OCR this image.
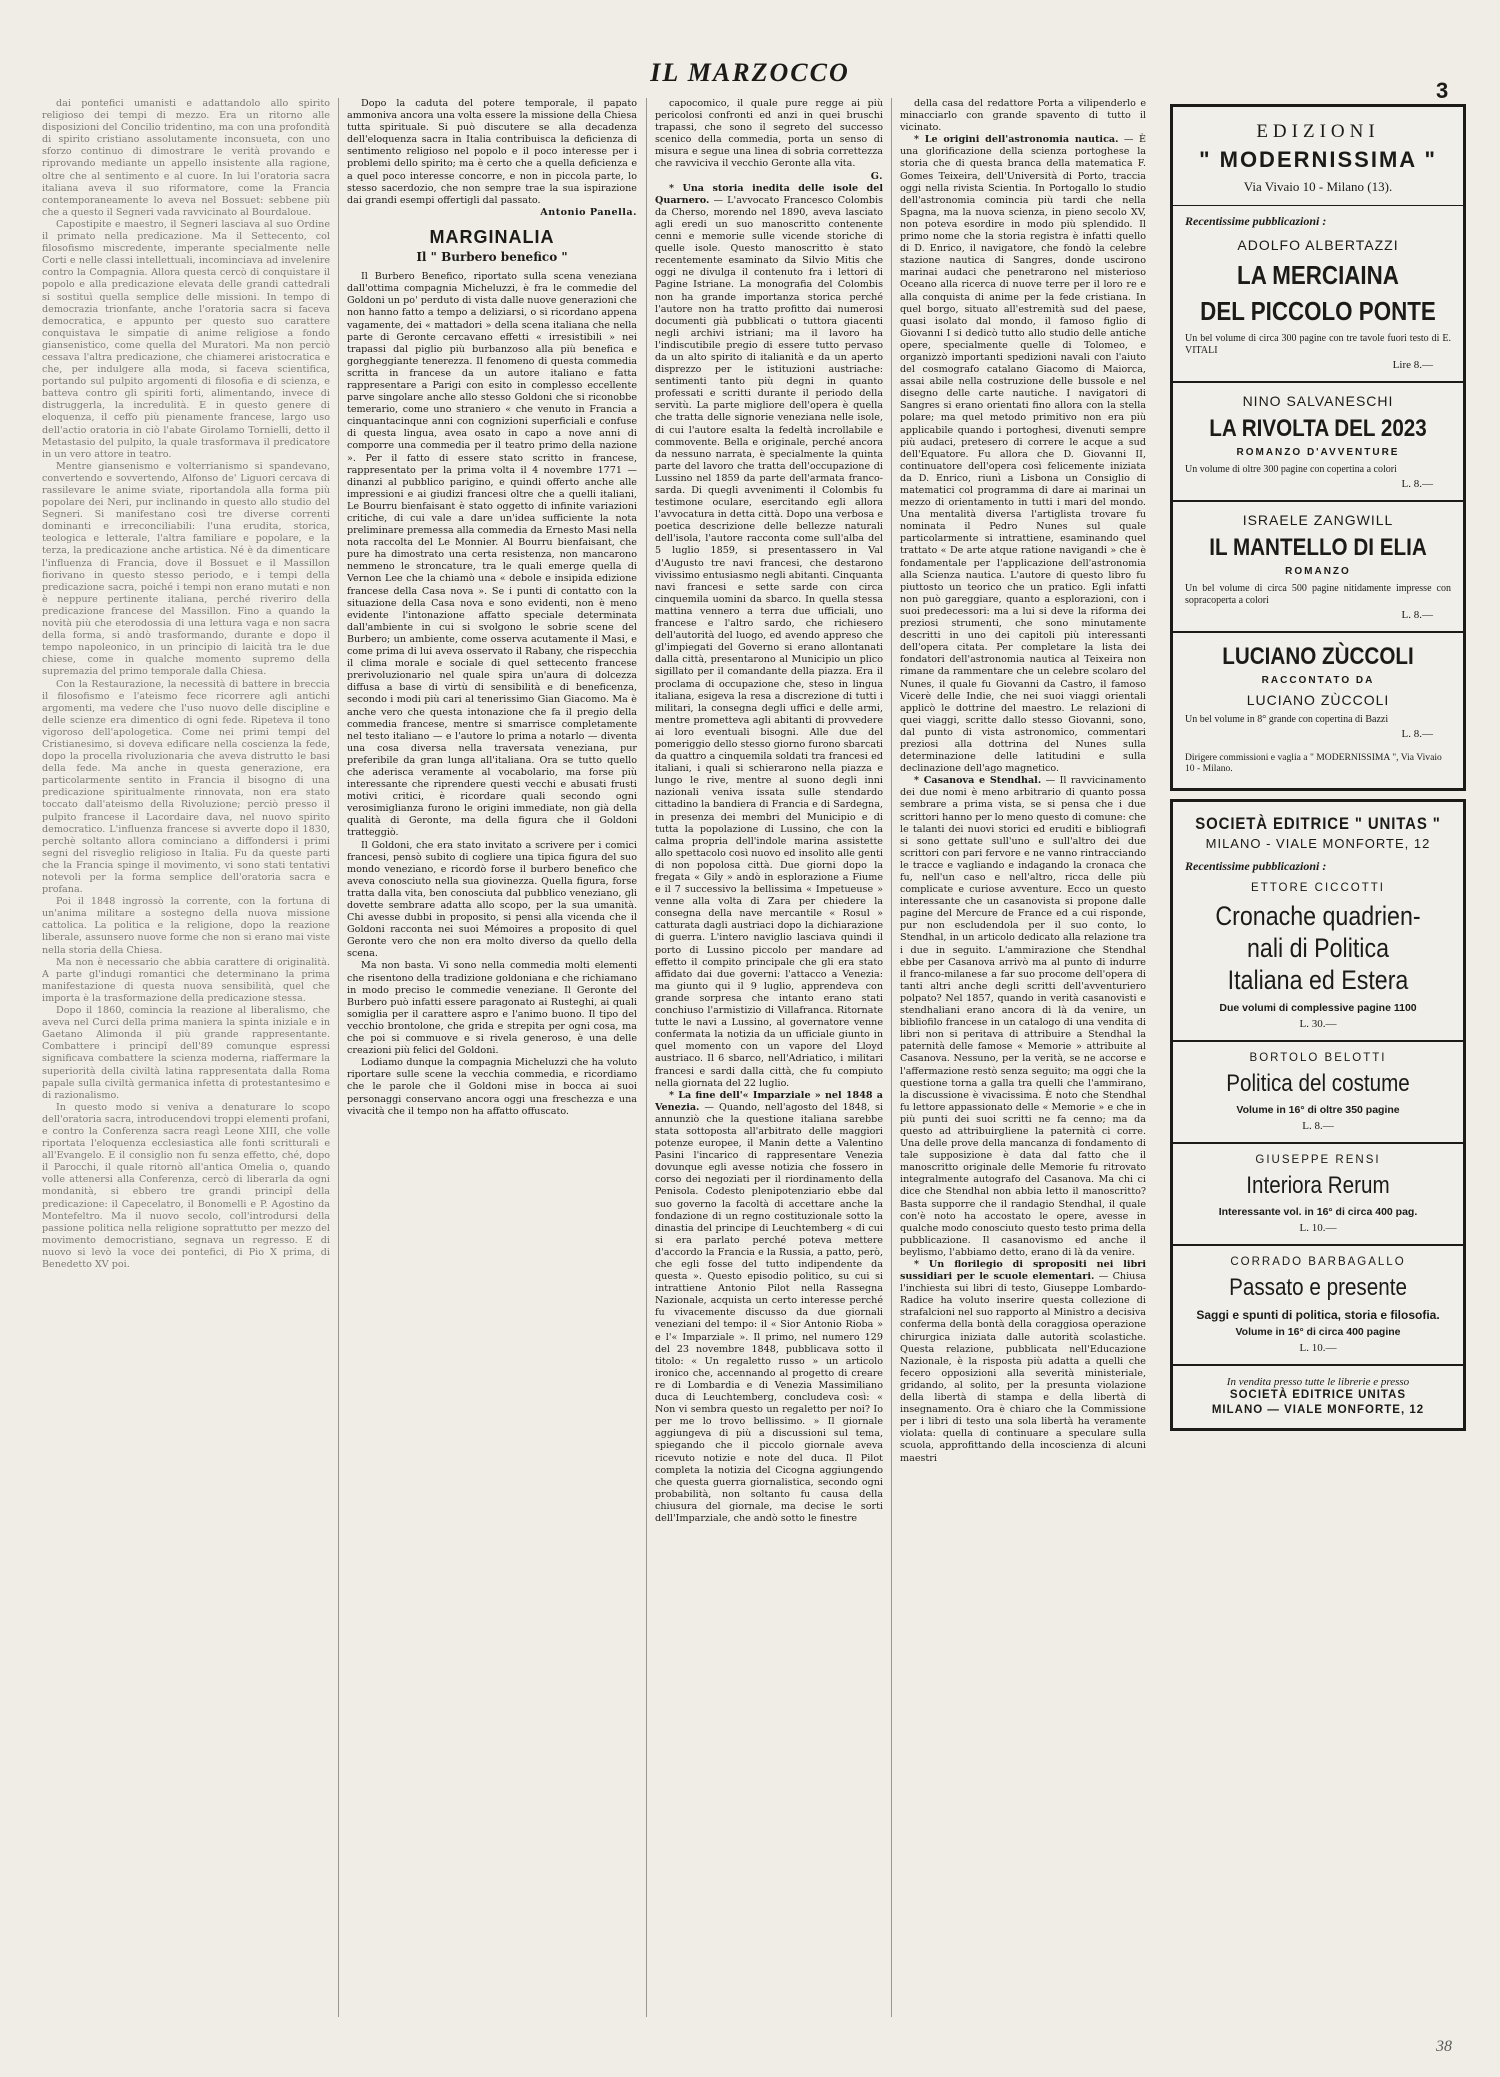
IL MARZOCCO
3
38

dai pontefici umanisti e adattandolo allo spirito religioso dei tempi di mezzo. Era un ritorno alle disposizioni del Concilio tridentino, ma con una profondità di spirito cristiano assolutamente inconsueta, con uno sforzo continuo di dimostrare le verità provando e riprovando mediante un appello insistente alla ragione, oltre che al sentimento e al cuore. In lui l'oratoria sacra italiana aveva il suo riformatore, come la Francia contemporaneamente lo aveva nel Bossuet: sebbene più che a questo il Segneri vada ravvicinato al Bourdaloue.

Capostipite e maestro, il Segneri lasciava al suo Ordine il primato nella predicazione. Ma il Settecento, col filosofismo miscredente, imperante specialmente nelle Corti e nelle classi intellettuali, incominciava ad invelenire contro la Compagnia. Allora questa cercò di conquistare il popolo e alla predicazione elevata delle grandi cattedrali si sostituì quella semplice delle missioni. In tempo di democrazia trionfante, anche l'oratoria sacra si faceva democratica, e appunto per questo suo carattere conquistava le simpatie di anime religiose a fondo giansenistico, come quella del Muratori. Ma non perciò cessava l'altra predicazione, che chiamerei aristocratica e che, per indulgere alla moda, si faceva scientifica, portando sul pulpito argomenti di filosofia e di scienza, e batteva contro gli spiriti forti, alimentando, invece di distruggerla, la incredulità. E in questo genere di eloquenza, il ceffo più pienamente francese, largo uso dell'actio oratoria in ciò l'abate Girolamo Tornielli, detto il Metastasio del pulpito, la quale trasformava il predicatore in un vero attore in teatro.

Mentre giansenismo e volterrianismo si spandevano, convertendo e sovvertendo, Alfonso de' Liguori cercava di rassilevare le anime sviate, riportandola alla forma più popolare dei Neri, pur inclinando in questo allo studio del Segneri. Si manifestano così tre diverse correnti dominanti e irreconciliabili: l'una erudita, storica, teologica e letterale, l'altra familiare e popolare, e la terza, la predicazione anche artistica. Né è da dimenticare l'influenza di Francia, dove il Bossuet e il Massillon fiorivano in questo stesso periodo, e i tempi della predicazione sacra, poiché i tempi non erano mutati e non è neppure pertinente italiana, perché riveriro della predicazione francese del Massillon. Fino a quando la novità più che eterodossia di una lettura vaga e non sacra della forma, si andò trasformando, durante e dopo il tempo napoleonico, in un principio di laicità tra le due chiese, come in qualche momento supremo della supremazia del primo temporale dalla Chiesa.

Con la Restaurazione, la necessità di battere in breccia il filosofismo e l'ateismo fece ricorrere agli antichi argomenti, ma vedere che l'uso nuovo delle discipline e delle scienze era dimentico di ogni fede. Ripeteva il tono vigoroso dell'apologetica. Come nei primi tempi del Cristianesimo, si doveva edificare nella coscienza la fede, dopo la procella rivoluzionaria che aveva distrutto le basi della fede. Ma anche in questa generazione, era particolarmente sentito in Francia il bisogno di una predicazione spiritualmente rinnovata, non era stato toccato dall'ateismo della Rivoluzione; perciò presso il pulpito francese il Lacordaire dava, nel nuovo spirito democratico. L'influenza francese si avverte dopo il 1830, perchè soltanto allora cominciano a diffondersi i primi segni del risveglio religioso in Italia. Fu da queste parti che la Francia spinge il movimento, vi sono stati tentativi notevoli per la forma semplice dell'oratoria sacra e profana.

Poi il 1848 ingrossò la corrente, con la fortuna di un'anima militare a sostegno della nuova missione cattolica. La politica e la religione, dopo la reazione liberale, assunsero nuove forme che non si erano mai viste nella storia della Chiesa.

Ma non è necessario che abbia carattere di originalità. A parte gl'indugi romantici che determinano la prima manifestazione di questa nuova sensibilità, quel che importa è la trasformazione della predicazione stessa.

Dopo il 1860, comincia la reazione al liberalismo, che aveva nel Curci della prima maniera la spinta iniziale e in Gaetano Alimonda il più grande rappresentante. Combattere i principî dell'89 comunque espressi significava combattere la scienza moderna, riaffermare la superiorità della civiltà latina rappresentata dalla Roma papale sulla civiltà germanica infetta di protestantesimo e di razionalismo.

In questo modo si veniva a denaturare lo scopo dell'oratoria sacra, introducendovi troppi elementi profani, e contro la Conferenza sacra reagì Leone XIII, che volle riportata l'eloquenza ecclesiastica alle fonti scritturali e all'Evangelo. E il consiglio non fu senza effetto, ché, dopo il Parocchi, il quale ritornò all'antica Omelia o, quando volle attenersi alla Conferenza, cercò di liberarla da ogni mondanità, si ebbero tre grandi principî della predicazione: il Capecelatro, il Bonomelli e P. Agostino da Montefeltro. Ma il nuovo secolo, coll'introdursi della passione politica nella religione soprattutto per mezzo del movimento democristiano, segnava un regresso. E di nuovo si levò la voce dei pontefici, di Pio X prima, di Benedetto XV poi.

Dopo la caduta del potere temporale, il papato ammoniva ancora una volta essere la missione della Chiesa tutta spirituale. Si può discutere se alla decadenza dell'eloquenza sacra in Italia contribuisca la deficienza di sentimento religioso nel popolo e il poco interesse per i problemi dello spirito; ma è certo che a quella deficienza e a quel poco interesse concorre, e non in piccola parte, lo stesso sacerdozio, che non sempre trae la sua ispirazione dai grandi esempi offertigli dal passato.

Antonio Panella.

MARGINALIA
Il " Burbero benefico "

Il Burbero Benefico, riportato sulla scena veneziana dall'ottima compagnia Micheluzzi, è fra le commedie del Goldoni un po' perduto di vista dalle nuove generazioni che non hanno fatto a tempo a deliziarsi, o si ricordano appena vagamente, dei « mattadori » della scena italiana che nella parte di Geronte cercavano effetti « irresistibili » nei trapassi dal piglio più burbanzoso alla più benefica e gorgheggiante tenerezza. Il fenomeno di questa commedia scritta in francese da un autore italiano e fatta rappresentare a Parigi con esito in complesso eccellente parve singolare anche allo stesso Goldoni che si riconobbe temerario, come uno straniero « che venuto in Francia a cinquantacinque anni con cognizioni superficiali e confuse di questa lingua, avea osato in capo a nove anni di comporre una commedia per il teatro primo della nazione ». Per il fatto di essere stato scritto in francese, rappresentato per la prima volta il 4 novembre 1771 — dinanzi al pubblico parigino, e quindi offerto anche alle impressioni e ai giudizi francesi oltre che a quelli italiani, Le Bourru bienfaisant è stato oggetto di infinite variazioni critiche, di cui vale a dare un'idea sufficiente la nota preliminare premessa alla commedia da Ernesto Masi nella nota raccolta del Le Monnier. Al Bourru bienfaisant, che pure ha dimostrato una certa resistenza, non mancarono nemmeno le stroncature, tra le quali emerge quella di Vernon Lee che la chiamò una « debole e insipida edizione francese della Casa nova ». Se i punti di contatto con la situazione della Casa nova e sono evidenti, non è meno evidente l'intonazione affatto speciale determinata dall'ambiente in cui si svolgono le sobrie scene del Burbero; un ambiente, come osserva acutamente il Masi, e come prima di lui aveva osservato il Rabany, che rispecchia il clima morale e sociale di quel settecento francese prerivoluzionario nel quale spira un'aura di dolcezza diffusa a base di virtù di sensibilità e di beneficenza, secondo i modi più cari al tenerissimo Gian Giacomo. Ma è anche vero che questa intonazione che fa il pregio della commedia francese, mentre si smarrisce completamente nel testo italiano — e l'autore lo prima a notarlo — diventa una cosa diversa nella traversata veneziana, pur preferibile da gran lunga all'italiana. Ora se tutto quello che aderisca veramente al vocabolario, ma forse più interessante che riprendere questi vecchi e abusati frusti motivi critici, è ricordare quali secondo ogni verosimiglianza furono le origini immediate, non già della qualità di Geronte, ma della figura che il Goldoni tratteggiò.

Il Goldoni, che era stato invitato a scrivere per i comici francesi, pensò subito di cogliere una tipica figura del suo mondo veneziano, e ricordò forse il burbero benefico che aveva conosciuto nella sua giovinezza. Quella figura, forse tratta dalla vita, ben conosciuta dal pubblico veneziano, gli dovette sembrare adatta allo scopo, per la sua umanità. Chi avesse dubbi in proposito, si pensi alla vicenda che il Goldoni racconta nei suoi Mémoires a proposito di quel Geronte vero che non era molto diverso da quello della scena.

Ma non basta. Vi sono nella commedia molti elementi che risentono della tradizione goldoniana e che richiamano in modo preciso le commedie veneziane. Il Geronte del Burbero può infatti essere paragonato ai Rusteghi, ai quali somiglia per il carattere aspro e l'animo buono. Il tipo del vecchio brontolone, che grida e strepita per ogni cosa, ma che poi si commuove e si rivela generoso, è una delle creazioni più felici del Goldoni.

Lodiamo dunque la compagnia Micheluzzi che ha voluto riportare sulle scene la vecchia commedia, e ricordiamo che le parole che il Goldoni mise in bocca ai suoi personaggi conservano ancora oggi una freschezza e una vivacità che il tempo non ha affatto offuscato.

capocomico, il quale pure regge ai più pericolosi confronti ed anzi in quei bruschi trapassi, che sono il segreto del successo scenico della commedia, porta un senso di misura e segue una linea di sobria correttezza che ravviciva il vecchio Geronte alla vita.

G.

* Una storia inedita delle isole del Quarnero. — L'avvocato Francesco Colombis da Cherso, morendo nel 1890, aveva lasciato agli eredi un suo manoscritto contenente cenni e memorie sulle vicende storiche di quelle isole. Questo manoscritto è stato recentemente esaminato da Silvio Mitis che oggi ne divulga il contenuto fra i lettori di Pagine Istriane. La monografia del Colombis non ha grande importanza storica perché l'autore non ha tratto profitto dai numerosi documenti già pubblicati o tuttora giacenti negli archivi istriani; ma il lavoro ha l'indiscutibile pregio di essere tutto pervaso da un alto spirito di italianità e da un aperto disprezzo per le istituzioni austriache: sentimenti tanto più degni in quanto professati e scritti durante il periodo della servitù. La parte migliore dell'opera è quella che tratta delle signorie veneziana nelle isole, di cui l'autore esalta la fedeltà incrollabile e commovente. Bella e originale, perché ancora da nessuno narrata, è specialmente la quinta parte del lavoro che tratta dell'occupazione di Lussino nel 1859 da parte dell'armata franco-sarda. Di quegli avvenimenti il Colombis fu testimone oculare, esercitando egli allora l'avvocatura in detta città. Dopo una verbosa e poetica descrizione delle bellezze naturali dell'isola, l'autore racconta come sull'alba del 5 luglio 1859, si presentassero in Val d'Augusto tre navi francesi, che destarono vivissimo entusiasmo negli abitanti. Cinquanta navi francesi e sette sarde con circa cinquemila uomini da sbarco. In quella stessa mattina vennero a terra due ufficiali, uno francese e l'altro sardo, che richiesero dell'autorità del luogo, ed avendo appreso che gl'impiegati del Governo si erano allontanati dalla città, presentarono al Municipio un plico sigillato per il comandante della piazza. Era il proclama di occupazione che, steso in lingua italiana, esigeva la resa a discrezione di tutti i militari, la consegna degli uffici e delle armi, mentre prometteva agli abitanti di provvedere ai loro eventuali bisogni. Alle due del pomeriggio dello stesso giorno furono sbarcati da quattro a cinquemila soldati tra francesi ed italiani, i quali si schierarono nella piazza e lungo le rive, mentre al suono degli inni nazionali veniva issata sulle stendardo cittadino la bandiera di Francia e di Sardegna, in presenza dei membri del Municipio e di tutta la popolazione di Lussino, che con la calma propria dell'indole marina assistette allo spettacolo così nuovo ed insolito alle genti di non popolosa città. Due giorni dopo la fregata « Gily » andò in esplorazione a Fiume e il 7 successivo la bellissima « Impetueuse » venne alla volta di Zara per chiedere la consegna della nave mercantile « Rosul » catturata dagli austriaci dopo la dichiarazione di guerra. L'intero naviglio lasciava quindi il porto di Lussino piccolo per mandare ad effetto il compito principale che gli era stato affidato dai due governi: l'attacco a Venezia: ma giunto qui il 9 luglio, apprendeva con grande sorpresa che intanto erano stati conchiuso l'armistizio di Villafranca. Ritornate tutte le navi a Lussino, al governatore venne confermata la notizia da un ufficiale giunto in quel momento con un vapore del Lloyd austriaco. Il 6 sbarco, nell'Adriatico, i militari francesi e sardi dalla città, che fu compiuto nella giornata del 22 luglio.

* La fine dell'« Imparziale » nel 1848 a Venezia. — Quando, nell'agosto del 1848, si annunziò che la questione italiana sarebbe stata sottoposta all'arbitrato delle maggiori potenze europee, il Manin dette a Valentino Pasini l'incarico di rappresentare Venezia dovunque egli avesse notizia che fossero in corso dei negoziati per il riordinamento della Penisola. Codesto plenipotenziario ebbe dal suo governo la facoltà di accettare anche la fondazione di un regno costituzionale sotto la dinastia del principe di Leuchtemberg « di cui si era parlato perché poteva mettere d'accordo la Francia e la Russia, a patto, però, che egli fosse del tutto indipendente da questa ». Questo episodio politico, su cui si intrattiene Antonio Pilot nella Rassegna Nazionale, acquista un certo interesse perché fu vivacemente discusso da due giornali veneziani del tempo: il « Sior Antonio Rioba » e l'« Imparziale ». Il primo, nel numero 129 del 23 novembre 1848, pubblicava sotto il titolo: « Un regaletto russo » un articolo ironico che, accennando al progetto di creare re di Lombardia e di Venezia Massimiliano duca di Leuchtemberg, concludeva così: « Non vi sembra questo un regaletto per noi? Io per me lo trovo bellissimo. » Il giornale aggiungeva di più a discussioni sul tema, spiegando che il piccolo giornale aveva ricevuto notizie e note del duca. Il Pilot completa la notizia del Cicogna aggiungendo che questa guerra giornalistica, secondo ogni probabilità, non soltanto fu causa della chiusura del giornale, ma decise le sorti dell'Imparziale, che andò sotto le finestre

della casa del redattore Porta a vilipenderlo e minacciarlo con grande spavento di tutto il vicinato.

* Le origini dell'astronomia nautica. — È una glorificazione della scienza portoghese la storia che di questa branca della matematica F. Gomes Teixeira, dell'Università di Porto, traccia oggi nella rivista Scientia. In Portogallo lo studio dell'astronomia comincia più tardi che nella Spagna, ma la nuova scienza, in pieno secolo XV, non poteva esordire in modo più splendido. Il primo nome che la storia registra è infatti quello di D. Enrico, il navigatore, che fondò la celebre stazione nautica di Sangres, donde uscirono marinai audaci che penetrarono nel misterioso Oceano alla ricerca di nuove terre per il loro re e alla conquista di anime per la fede cristiana. In quel borgo, situato all'estremità sud del paese, quasi isolato dal mondo, il famoso figlio di Giovanni I si dedicò tutto allo studio delle antiche opere, specialmente quelle di Tolomeo, e organizzò importanti spedizioni navali con l'aiuto del cosmografo catalano Giacomo di Maiorca, assai abile nella costruzione delle bussole e nel disegno delle carte nautiche. I navigatori di Sangres si erano orientati fino allora con la stella polare; ma quel metodo primitivo non era più applicabile quando i portoghesi, divenuti sempre più audaci, pretesero di correre le acque a sud dell'Equatore. Fu allora che D. Giovanni II, continuatore dell'opera così felicemente iniziata da D. Enrico, riunì a Lisbona un Consiglio di matematici col programma di dare ai marinai un mezzo di orientamento in tutti i mari del mondo. Una mentalità diversa l'artiglista trovare fu nominata il Pedro Nunes sul quale particolarmente si intrattiene, esaminando quel trattato « De arte atque ratione navigandi » che è fondamentale per l'applicazione dell'astronomia alla Scienza nautica. L'autore di questo libro fu piuttosto un teorico che un pratico. Egli infatti non può gareggiare, quanto a esplorazioni, con i suoi predecessori: ma a lui si deve la riforma dei preziosi strumenti, che sono minutamente descritti in uno dei capitoli più interessanti dell'opera citata. Per completare la lista dei fondatori dell'astronomia nautica al Teixeira non rimane da rammentare che un celebre scolaro del Nunes, il quale fu Giovanni da Castro, il famoso Vicerè delle Indie, che nei suoi viaggi orientali applicò le dottrine del maestro. Le relazioni di quei viaggi, scritte dallo stesso Giovanni, sono, dal punto di vista astronomico, commentari preziosi alla dottrina del Nunes sulla determinazione delle latitudini e sulla declinazione dell'ago magnetico.

* Casanova e Stendhal. — Il ravvicinamento dei due nomi è meno arbitrario di quanto possa sembrare a prima vista, se si pensa che i due scrittori hanno per lo meno questo di comune: che le talanti dei nuovi storici ed eruditi e bibliografi si sono gettate sull'uno e sull'altro dei due scrittori con pari fervore e ne vanno rintracciando le tracce e vagliando e indagando la cronaca che fu, nell'un caso e nell'altro, ricca delle più complicate e curiose avventure. Ecco un questo interessante che un casanovista si propone dalle pagine del Mercure de France ed a cui risponde, pur non escludendola per il suo conto, lo Stendhal, in un articolo dedicato alla relazione tra i due in seguito. L'ammirazione che Stendhal ebbe per Casanova arrivò ma al punto di indurre il franco-milanese a far suo procome dell'opera di tanti altri anche degli scritti dell'avventuriero polpato? Nel 1857, quando in verità casanovisti e stendhaliani erano ancora di là da venire, un bibliofilo francese in un catalogo di una vendita di libri non si peritava di attribuire a Stendhal la paternità delle famose « Memorie » attribuite al Casanova. Nessuno, per la verità, se ne accorse e l'affermazione restò senza seguito; ma oggi che la questione torna a galla tra quelli che l'ammirano, la discussione è vivacissima. È noto che Stendhal fu lettore appassionato delle « Memorie » e che in più punti dei suoi scritti ne fa cenno; ma da questo ad attribuirgliene la paternità ci corre. Una delle prove della mancanza di fondamento di tale supposizione è data dal fatto che il manoscritto originale delle Memorie fu ritrovato integralmente autografo del Casanova. Ma chi ci dice che Stendhal non abbia letto il manoscritto? Basta supporre che il randagio Stendhal, il quale con'è noto ha accostato le opere, avesse in qualche modo conosciuto questo testo prima della pubblicazione. Il casanovismo ed anche il beylismo, l'abbiamo detto, erano di là da venire.

* Un florilegio di spropositi nei libri sussidiari per le scuole elementari. — Chiusa l'inchiesta sui libri di testo, Giuseppe Lombardo-Radice ha voluto inserire questa collezione di strafalcioni nel suo rapporto al Ministro a decisiva conferma della bontà della coraggiosa operazione chirurgica iniziata dalle autorità scolastiche. Questa relazione, pubblicata nell'Educazione Nazionale, è la risposta più adatta a quelli che fecero opposizioni alla severità ministeriale, gridando, al solito, per la presunta violazione della libertà di stampa e della libertà di insegnamento. Ora è chiaro che la Commissione per i libri di testo una sola libertà ha veramente violata: quella di continuare a speculare sulla scuola, approfittando della incoscienza di alcuni maestri

EDIZIONI
" MODERNISSIMA "
Via Vivaio 10 - Milano (13).
Recentissime pubblicazioni :
ADOLFO ALBERTAZZI
LA MERCIAINA
DEL PICCOLO PONTE
Un bel volume di circa 300 pagine con tre tavole fuori testo di E. VITALI
Lire 8.—
NINO SALVANESCHI
LA RIVOLTA DEL 2023
ROMANZO D'AVVENTURE
Un volume di oltre 300 pagine con copertina a colori
L. 8.—
ISRAELE ZANGWILL
IL MANTELLO DI ELIA
ROMANZO
Un bel volume di circa 500 pagine nitidamente impresse con sopracoperta a colori
L. 8.—
LUCIANO ZÙCCOLI
RACCONTATO DA
LUCIANO ZÙCCOLI
Un bel volume in 8° grande con copertina di Bazzi
L. 8.—
Dirigere commissioni e vaglia a " MODERNISSIMA ", Via Vivaio 10 - Milano.
SOCIETÀ EDITRICE " UNITAS "
MILANO - VIALE MONFORTE, 12
Recentissime pubblicazioni :
ETTORE CICCOTTI
Cronache quadrien-
nali di Politica
Italiana ed Estera
Due volumi di complessive pagine 1100
L. 30.—
BORTOLO BELOTTI
Politica del costume
Volume in 16° di oltre 350 pagine
L. 8.—
GIUSEPPE RENSI
Interiora Rerum
Interessante vol. in 16° di circa 400 pag.
L. 10.—
CORRADO BARBAGALLO
Passato e presente
Saggi e spunti di politica, storia e filosofia.
Volume in 16° di circa 400 pagine
L. 10.—
In vendita presso tutte le librerie e presso
SOCIETÀ EDITRICE UNITAS
MILANO — VIALE MONFORTE, 12
